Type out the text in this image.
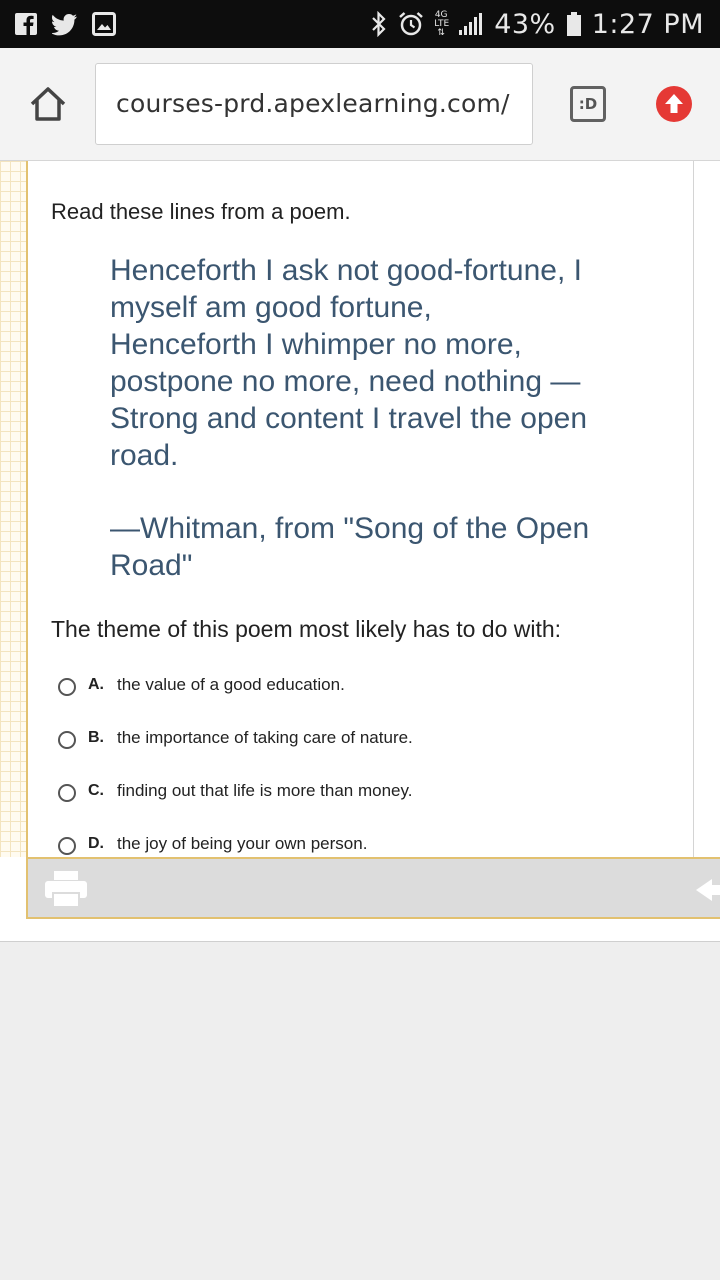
4G
LTE
⇅ 43% 1:27 PM
courses-prd.apexlearning.com/	:D
Read these lines from a poem.
Henceforth I ask not good-fortune, I
myself am good fortune,
Henceforth I whimper no more,
postpone no more, need nothing —
Strong and content I travel the open
road.
—Whitman, from "Song of the Open
Road"
The theme of this poem most likely has to do with:
A. the value of a good education.
B. the importance of taking care of nature.
C. finding out that life is more than money.
D. the joy of being your own person.
